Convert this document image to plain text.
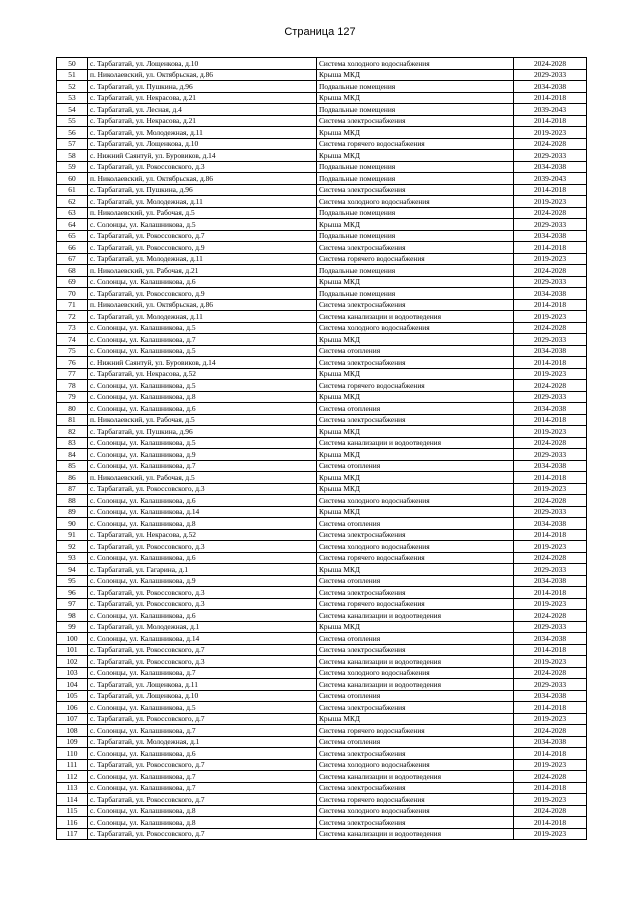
Страница 127
50	с. Тарбагатай, ул. Лощенкова, д.10	Система холодного водоснабжения	2024-2028
51	п. Николаевский, ул. Октябрьская, д.86	Крыша МКД	2029-2033
52	с. Тарбагатай, ул. Пушкина, д.96	Подвальные помещения	2034-2038
53	с. Тарбагатай, ул. Некрасова, д.21	Крыша МКД	2014-2018
54	с. Тарбагатай, ул. Лесная, д.4	Подвальные помещения	2039-2043
55	с. Тарбагатай, ул. Некрасова, д.21	Система электроснабжения	2014-2018
56	с. Тарбагатай, ул. Молодежная, д.11	Крыша МКД	2019-2023
57	с. Тарбагатай, ул. Лощенкова, д.10	Система горячего водоснабжения	2024-2028
58	с. Нижний Саянтуй, ул. Буровиков, д.14	Крыша МКД	2029-2033
59	с. Тарбагатай, ул. Рокоссовского, д.3	Подвальные помещения	2034-2038
60	п. Николаевский, ул. Октябрьская, д.86	Подвальные помещения	2039-2043
61	с. Тарбагатай, ул. Пушкина, д.96	Система электроснабжения	2014-2018
62	с. Тарбагатай, ул. Молодежная, д.11	Система холодного водоснабжения	2019-2023
63	п. Николаевский, ул. Рабочая, д.5	Подвальные помещения	2024-2028
64	с. Солонцы, ул. Калашникова, д.5	Крыша МКД	2029-2033
65	с. Тарбагатай, ул. Рокоссовского, д.7	Подвальные помещения	2034-2038
66	с. Тарбагатай, ул. Рокоссовского, д.9	Система электроснабжения	2014-2018
67	с. Тарбагатай, ул. Молодежная, д.11	Система горячего водоснабжения	2019-2023
68	п. Николаевский, ул. Рабочая, д.21	Подвальные помещения	2024-2028
69	с. Солонцы, ул. Калашникова, д.6	Крыша МКД	2029-2033
70	с. Тарбагатай, ул. Рокоссовского, д.9	Подвальные помещения	2034-2038
71	п. Николаевский, ул. Октябрьская, д.86	Система электроснабжения	2014-2018
72	с. Тарбагатай, ул. Молодежная, д.11	Система канализации и водоотведения	2019-2023
73	с. Солонцы, ул. Калашникова, д.5	Система холодного водоснабжения	2024-2028
74	с. Солонцы, ул. Калашникова, д.7	Крыша МКД	2029-2033
75	с. Солонцы, ул. Калашникова, д.5	Система отопления	2034-2038
76	с. Нижний Саянтуй, ул. Буровиков, д.14	Система электроснабжения	2014-2018
77	с. Тарбагатай, ул. Некрасова, д.52	Крыша МКД	2019-2023
78	с. Солонцы, ул. Калашникова, д.5	Система горячего водоснабжения	2024-2028
79	с. Солонцы, ул. Калашникова, д.8	Крыша МКД	2029-2033
80	с. Солонцы, ул. Калашникова, д.6	Система отопления	2034-2038
81	п. Николаевский, ул. Рабочая, д.5	Система электроснабжения	2014-2018
82	с. Тарбагатай, ул. Пушкина, д.96	Крыша МКД	2019-2023
83	с. Солонцы, ул. Калашникова, д.5	Система канализации и водоотведения	2024-2028
84	с. Солонцы, ул. Калашникова, д.9	Крыша МКД	2029-2033
85	с. Солонцы, ул. Калашникова, д.7	Система отопления	2034-2038
86	п. Николаевский, ул. Рабочая, д.5	Крыша МКД	2014-2018
87	с. Тарбагатай, ул. Рокоссовского, д.3	Крыша МКД	2019-2023
88	с. Солонцы, ул. Калашникова, д.6	Система холодного водоснабжения	2024-2028
89	с. Солонцы, ул. Калашникова, д.14	Крыша МКД	2029-2033
90	с. Солонцы, ул. Калашникова, д.8	Система отопления	2034-2038
91	с. Тарбагатай, ул. Некрасова, д.52	Система электроснабжения	2014-2018
92	с. Тарбагатай, ул. Рокоссовского, д.3	Система холодного водоснабжения	2019-2023
93	с. Солонцы, ул. Калашникова, д.6	Система горячего водоснабжения	2024-2028
94	с. Тарбагатай, ул. Гагарина, д.1	Крыша МКД	2029-2033
95	с. Солонцы, ул. Калашникова, д.9	Система отопления	2034-2038
96	с. Тарбагатай, ул. Рокоссовского, д.3	Система электроснабжения	2014-2018
97	с. Тарбагатай, ул. Рокоссовского, д.3	Система горячего водоснабжения	2019-2023
98	с. Солонцы, ул. Калашникова, д.6	Система канализации и водоотведения	2024-2028
99	с. Тарбагатай, ул. Молодежная, д.1	Крыша МКД	2029-2033
100	с. Солонцы, ул. Калашникова, д.14	Система отопления	2034-2038
101	с. Тарбагатай, ул. Рокоссовского, д.7	Система электроснабжения	2014-2018
102	с. Тарбагатай, ул. Рокоссовского, д.3	Система канализации и водоотведения	2019-2023
103	с. Солонцы, ул. Калашникова, д.7	Система холодного водоснабжения	2024-2028
104	с. Тарбагатай, ул. Лощенкова, д.11	Система канализации и водоотведения	2029-2033
105	с. Тарбагатай, ул. Лощенкова, д.10	Система отопления	2034-2038
106	с. Солонцы, ул. Калашникова, д.5	Система электроснабжения	2014-2018
107	с. Тарбагатай, ул. Рокоссовского, д.7	Крыша МКД	2019-2023
108	с. Солонцы, ул. Калашникова, д.7	Система горячего водоснабжения	2024-2028
109	с. Тарбагатай, ул. Молодежная, д.1	Система отопления	2034-2038
110	с. Солонцы, ул. Калашникова, д.6	Система электроснабжения	2014-2018
111	с. Тарбагатай, ул. Рокоссовского, д.7	Система холодного водоснабжения	2019-2023
112	с. Солонцы, ул. Калашникова, д.7	Система канализации и водоотведения	2024-2028
113	с. Солонцы, ул. Калашникова, д.7	Система электроснабжения	2014-2018
114	с. Тарбагатай, ул. Рокоссовского, д.7	Система горячего водоснабжения	2019-2023
115	с. Солонцы, ул. Калашникова, д.8	Система холодного водоснабжения	2024-2028
116	с. Солонцы, ул. Калашникова, д.8	Система электроснабжения	2014-2018
117	с. Тарбагатай, ул. Рокоссовского, д.7	Система канализации и водоотведения	2019-2023
